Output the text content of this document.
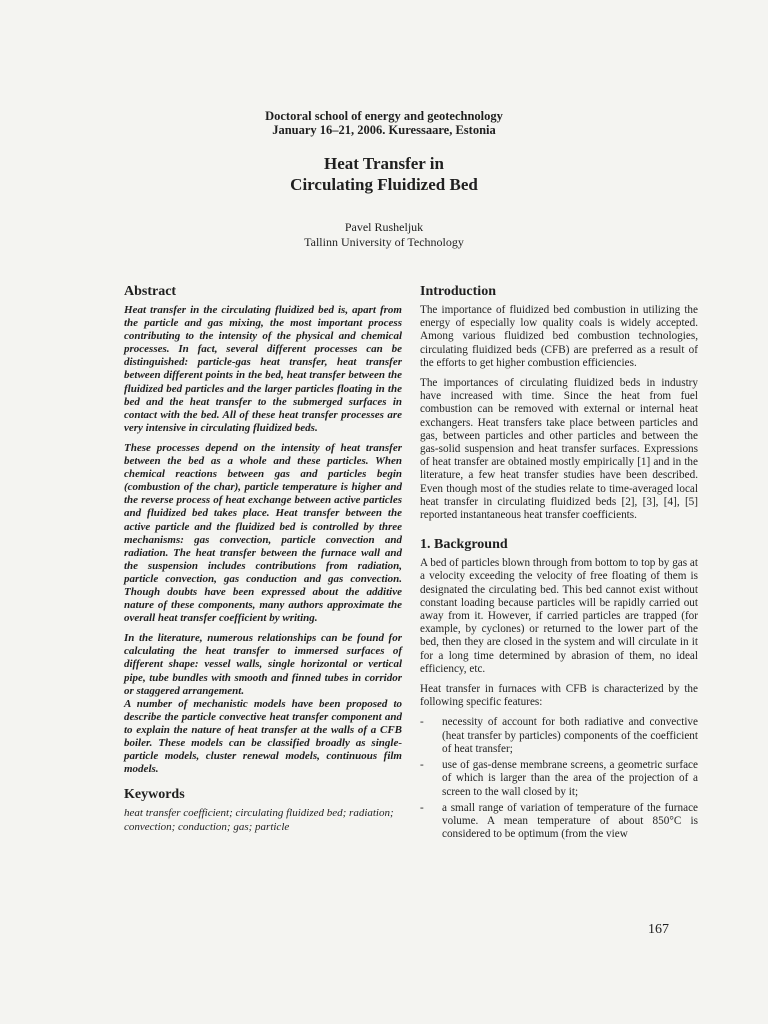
Doctoral school of energy and geotechnology
January 16–21, 2006. Kuressaare, Estonia
Heat Transfer in
Circulating Fluidized Bed
Pavel Rusheljuk
Tallinn University of Technology
Abstract

Heat transfer in the circulating fluidized bed is, apart from the particle and gas mixing, the most important process contributing to the intensity of the physical and chemical processes. In fact, several different processes can be distinguished: particle-gas heat transfer, heat transfer between different points in the bed, heat transfer between the fluidized bed particles and the larger particles floating in the bed and the heat transfer to the submerged surfaces in contact with the bed. All of these heat transfer processes are very intensive in circulating fluidized beds.

These processes depend on the intensity of heat transfer between the bed as a whole and these particles. When chemical reactions between gas and particles begin (combustion of the char), particle temperature is higher and the reverse process of heat exchange between active particles and fluidized bed takes place. Heat transfer between the active particle and the fluidized bed is controlled by three mechanisms: gas convection, particle convection and radiation. The heat transfer between the furnace wall and the suspension includes contributions from radiation, particle convection, gas conduction and gas convection. Though doubts have been expressed about the additive nature of these components, many authors approximate the overall heat transfer coefficient by writing.

In the literature, numerous relationships can be found for calculating the heat transfer to immersed surfaces of different shape: vessel walls, single horizontal or vertical pipe, tube bundles with smooth and finned tubes in corridor or staggered arrangement.

A number of mechanistic models have been proposed to describe the particle convective heat transfer component and to explain the nature of heat transfer at the walls of a CFB boiler. These models can be classified broadly as single-particle models, cluster renewal models, continuous film models.

Keywords

heat transfer coefficient; circulating fluidized bed; radiation; convection; conduction; gas; particle

Introduction

The importance of fluidized bed combustion in utilizing the energy of especially low quality coals is widely accepted. Among various fluidized bed combustion technologies, circulating fluidized beds (CFB) are preferred as a result of the efforts to get higher combustion efficiencies.

The importances of circulating fluidized beds in industry have increased with time. Since the heat from fuel combustion can be removed with external or internal heat exchangers. Heat transfers take place between particles and gas, between particles and other particles and between the gas-solid suspension and heat transfer surfaces. Expressions of heat transfer are obtained mostly empirically [1] and in the literature, a few heat transfer studies have been described. Even though most of the studies relate to time-averaged local heat transfer in circulating fluidized beds [2], [3], [4], [5] reported instantaneous heat transfer coefficients.

1. Background

A bed of particles blown through from bottom to top by gas at a velocity exceeding the velocity of free floating of them is designated the circulating bed. This bed cannot exist without constant loading because particles will be rapidly carried out away from it. However, if carried particles are trapped (for example, by cyclones) or returned to the lower part of the bed, then they are closed in the system and will circulate in it for a long time determined by abrasion of them, no ideal efficiency, etc.

Heat transfer in furnaces with CFB is characterized by the following specific features:

- necessity of account for both radiative and convective (heat transfer by particles) components of the coefficient of heat transfer;
- use of gas-dense membrane screens, a geometric surface of which is larger than the area of the projection of a screen to the wall closed by it;
- a small range of variation of temperature of the furnace volume. A mean temperature of about 850°C is considered to be optimum (from the view
167
